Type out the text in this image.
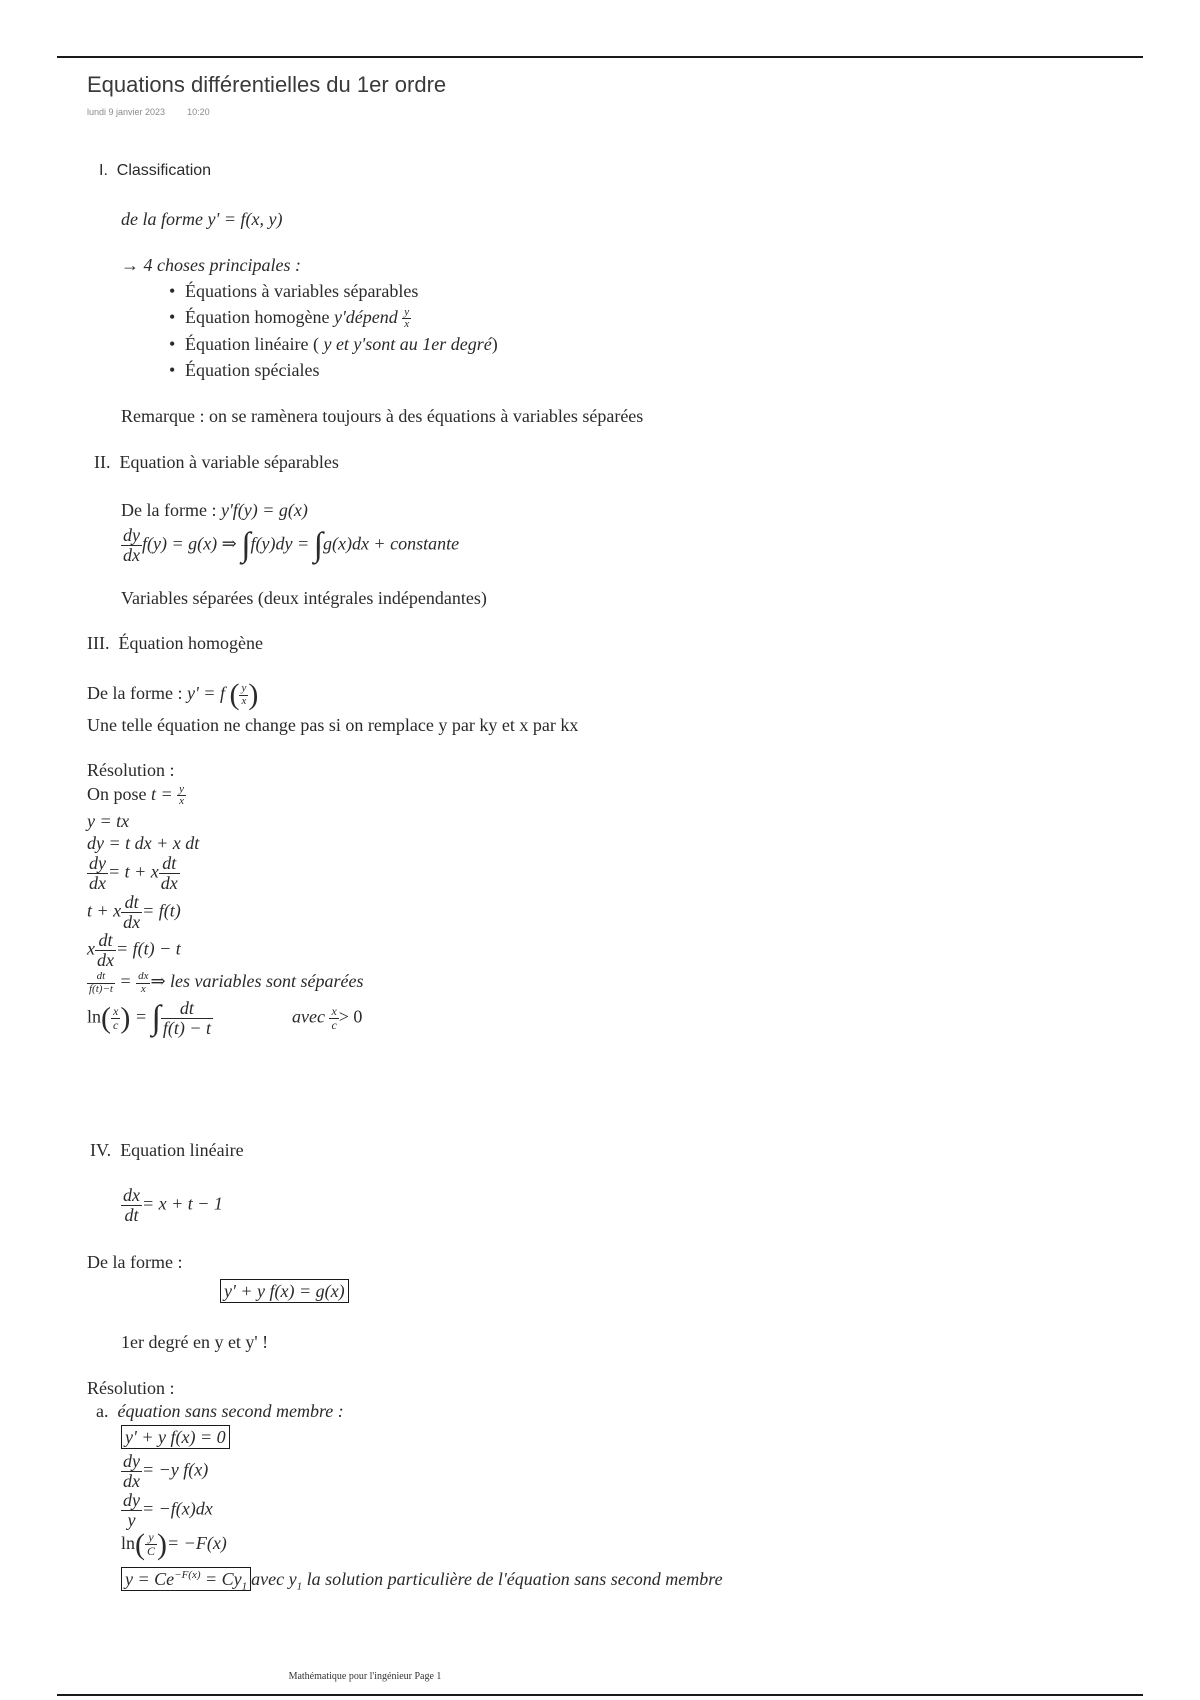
Equations différentielles du 1er ordre
lundi 9 janvier 2023 10:20
I. Classification
de la forme y' = f(x, y)
→ 4 choses principales :
• Équations à variables séparables
• Équation homogène y'dépend $\frac{y}{x}$
• Équation linéaire ( y et y'sont au 1er degré)
• Équation spéciales
Remarque : on se ramènera toujours à des équations à variables séparées
II. Equation à variable séparables
De la forme : y'f(y) = g(x)
$\frac{dy}{dx} f(y) = g(x)$ ⇒ ∫f(y)dy = ∫g(x)dx + constante
Variables séparées (deux intégrales indépendantes)
III. Équation homogène
De la forme : y' = f ( $\frac{y}{x}$ )
Une telle équation ne change pas si on remplace y par ky et x par kx
Résolution :
On pose $t = \frac{y}{x}$
y = tx
dy = t dx + x dt
$\frac{dy}{dx} = t + x \frac{dt}{dx}$
t + x $\frac{dt}{dx} = f(t)$
x $\frac{dt}{dx} = f(t) - t$
$\frac{dt}{f(t)-t} = \frac{dx}{x}$ ⇒ les variables sont séparées
$\ln( \frac{x}{c}$ ) = ∫ $\frac{dt}{f(t) - t}$	avec $\frac{x}{c} > 0$
IV. Equation linéaire
$\frac{dx}{dt} = x + t - 1$
De la forme :
y' + y f(x) = g(x)
1er degré en y et y' !
Résolution :
a. équation sans second membre :
y' + y f(x) = 0
$\frac{dy}{dx} = -y$ f(x)
$\frac{dy}{y} = -f(x)dx$
$\ln( \frac{y}{C}$ )= −F(x)
$y = Ce^{-F(x)} = Cy_1$ avec $y_1$ la solution particulière de l'équation sans second membre
Mathématique pour l'ingénieur Page 1
